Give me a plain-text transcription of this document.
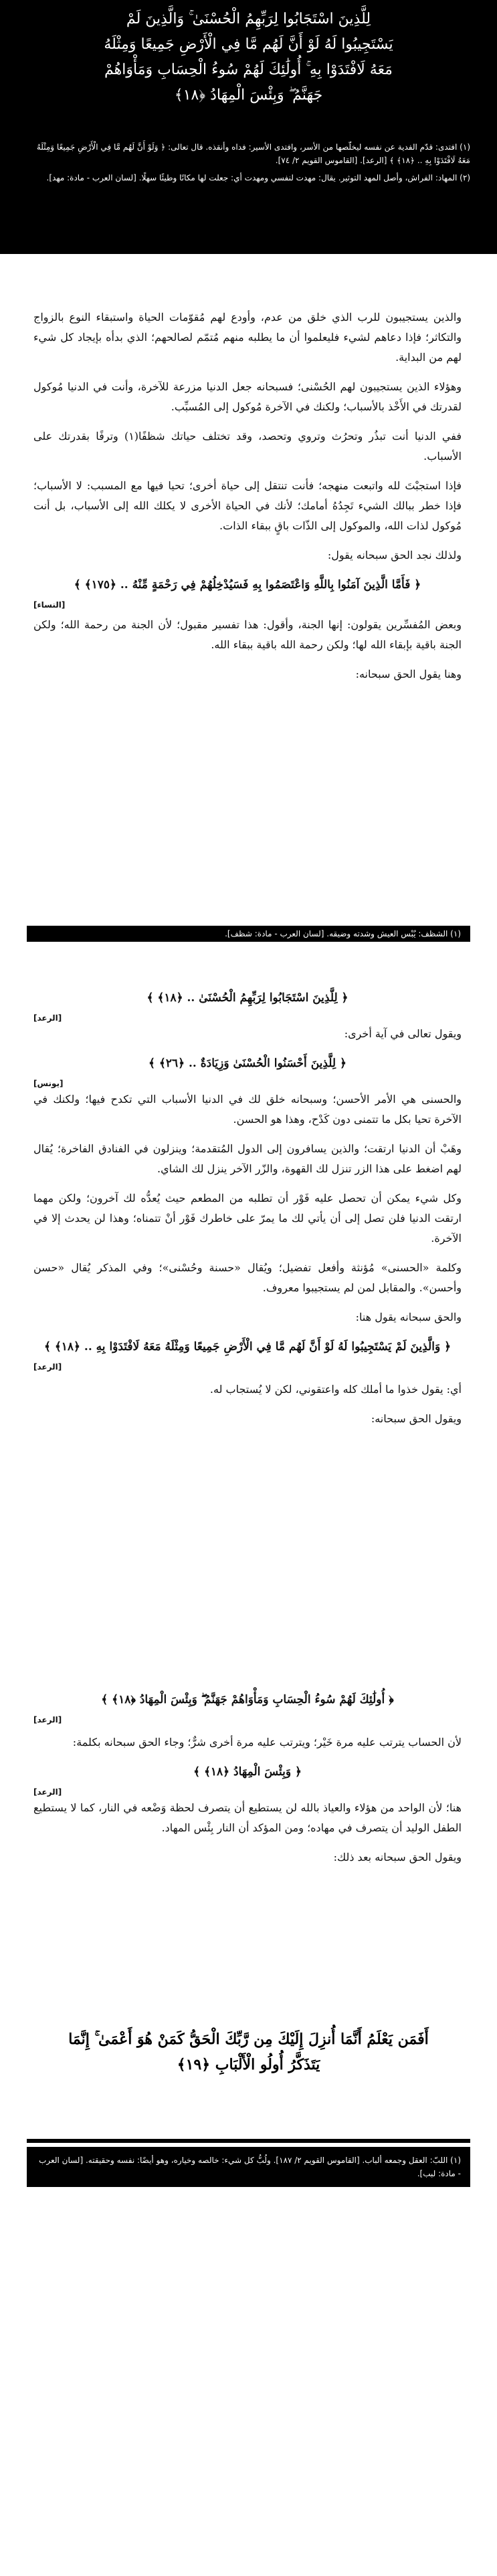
لِلَّذِينَ اسْتَجَابُوا لِرَبِّهِمُ الْحُسْنَىٰ ۚ وَالَّذِينَ لَمْ
يَسْتَجِيبُوا لَهُ لَوْ أَنَّ لَهُم مَّا فِي الْأَرْضِ جَمِيعًا وَمِثْلَهُ
مَعَهُ لَافْتَدَوْا بِهِ ۚ أُولَٰئِكَ لَهُمْ سُوءُ الْحِسَابِ وَمَأْوَاهُمْ
جَهَنَّمُ ۖ وَبِئْسَ الْمِهَادُ ﴿١٨﴾

(١) افتدى: قدّم الفدية عن نفسه ليخلّصها من الأسر، وافتدى الأسير: فداه وأنقذه. قال تعالى: ﴿ وَلَوْ أَنَّ لَهُم مَّا فِي الْأَرْضِ جَمِيعًا وَمِثْلَهُ مَعَهُ لَافْتَدَوْا بِهِ .. ﴿١٨﴾ ﴾ [الرعد]. [القاموس القويم ٢/ ٧٤].

(٢) المهاد: الفراش، وأصل المهد التوثير. يقال: مهدت لنفسي ومهدت أي: جعلت لها مكانًا وطيئًا سهلًا. [لسان العرب - مادة: مهد].

والذين يستجيبون للرب الذي خلق من عدم، وأودع لهم مُقوّمات الحياة واستبقاء النوع بالزواج والتكاثر؛ فإذا دعاهم لشيء فليعلموا أن ما يطلبه منهم مُتمّم لصالحهم؛ الذي بدأه بإيجاد كل شيء لهم من البداية.

وهؤلاء الذين يستجيبون لهم الحُسْنى؛ فسبحانه جعل الدنيا مزرعة للآخرة، وأنت في الدنيا مُوكول لقدرتك في الأَخْذ بالأسباب؛ ولكنك في الآخرة مُوكول إلى المُسبِّب.

ففي الدنيا أنت تبذُر وتحرُث وتروي وتحصد، وقد تختلف حياتك شظفًا(١) وترفًا بقدرتك على الأسباب.

فإذا استجبْتَ لله واتبعت منهجه؛ فأنت تنتقل إلى حياة أخرى؛ تحيا فيها مع المسبب: لا الأسباب؛ فإذا خطر ببالك الشيء تَجِدُهُ أمامك؛ لأنك في الحياة الأخرى لا يكلك الله إلى الأسباب، بل أنت مُوكول لذات الله، والموكول إلى الذّات باقٍ ببقاء الذات.

ولذلك نجد الحق سبحانه يقول:

﴿ فَأَمَّا الَّذِينَ آمَنُوا بِاللَّهِ وَاعْتَصَمُوا بِهِ فَسَيُدْخِلُهُمْ فِي رَحْمَةٍ مِّنْهُ .. ﴿١٧٥﴾ ﴾
[النساء]

وبعض المُفسِّرين يقولون: إنها الجنة، وأقول: هذا تفسير مقبول؛ لأن الجنة من رحمة الله؛ ولكن الجنة باقية بإبقاء الله لها؛ ولكن رحمة الله باقية ببقاء الله.

وهنا يقول الحق سبحانه:

(١) الشظف: يُبْس العيش وشدته وضيقه. [لسان العرب - مادة: شظف].
﴿ لِلَّذِينَ اسْتَجَابُوا لِرَبِّهِمُ الْحُسْنَىٰ .. ﴿١٨﴾ ﴾
[الرعد]

ويقول تعالى في آية أخرى:

﴿ لِلَّذِينَ أَحْسَنُوا الْحُسْنَىٰ وَزِيَادَةٌ .. ﴿٢٦﴾ ﴾
[يونس]

والحسنى هي الأمر الأحسن؛ وسبحانه خلق لك في الدنيا الأسباب التي تكدح فيها؛ ولكنك في الآخرة تحيا بكل ما تتمنى دون كَدْح، وهذا هو الحسن.

وهَبْ أن الدنيا ارتقت؛ والذين يسافرون إلى الدول المُتقدمة؛ وينزلون في الفنادق الفاخرة؛ يُقال لهم اضغط على هذا الزر تنزل لك القهوة، والزّر الآخر ينزل لك الشاي.

وكل شيء يمكن أن تحصل عليه فَوْر أن تطلبه من المطعم حيث يُعدُّه لك آخرون؛ ولكن مهما ارتقت الدنيا فلن تصل إلى أن يأتي لك ما يمرّ على خاطرك فَوْر أنْ تتمناه؛ وهذا لن يحدث إلا في الآخرة.

وكلمة «الحسنى» مُؤنثة وأفعل تفضيل؛ ويُقال «حسنة وحُسْنى»؛ وفي المذكر يُقال «حسن وأحسن». والمقابل لمن لم يستجيبوا معروف.

والحق سبحانه يقول هنا:

﴿ وَالَّذِينَ لَمْ يَسْتَجِيبُوا لَهُ لَوْ أَنَّ لَهُم مَّا فِي الْأَرْضِ جَمِيعًا وَمِثْلَهُ مَعَهُ لَافْتَدَوْا بِهِ .. ﴿١٨﴾ ﴾
[الرعد]

أي: يقول خذوا ما أملك كله واعتقوني، لكن لا يُستجاب له.

ويقول الحق سبحانه:

﴿ أُولَٰئِكَ لَهُمْ سُوءُ الْحِسَابِ وَمَأْوَاهُمْ جَهَنَّمُ ۖ وَبِئْسَ الْمِهَادُ ﴿١٨﴾ ﴾
[الرعد]

لأن الحساب يترتب عليه مرة خَيْر؛ ويترتب عليه مرة أخرى شرٌّ؛ وجاء الحق سبحانه بكلمة:

﴿ وَبِئْسَ الْمِهَادُ ﴿١٨﴾ ﴾
[الرعد]

هنا؛ لأن الواحد من هؤلاء والعياذ بالله لن يستطيع أن يتصرف لحظة وَضْعه في النار، كما لا يستطيع الطفل الوليد أن يتصرف في مهاده؛ ومن المؤكد أن النار بِئْس المهاد.

ويقول الحق سبحانه بعد ذلك:

أَفَمَن يَعْلَمُ أَنَّمَا أُنزِلَ إِلَيْكَ مِن رَّبِّكَ الْحَقُّ كَمَنْ هُوَ أَعْمَىٰ ۚ إِنَّمَا
يَتَذَكَّرُ أُولُو الْأَلْبَابِ ﴿١٩﴾
(١) اللبّ: العقل وجمعه ألباب. [القاموس القويم ٢/ ١٨٧]. ولُبُّ كل شيء: خالصه وخياره، وهو أيضًا: نفسه وحقيقته. [لسان العرب - مادة: لبب].
